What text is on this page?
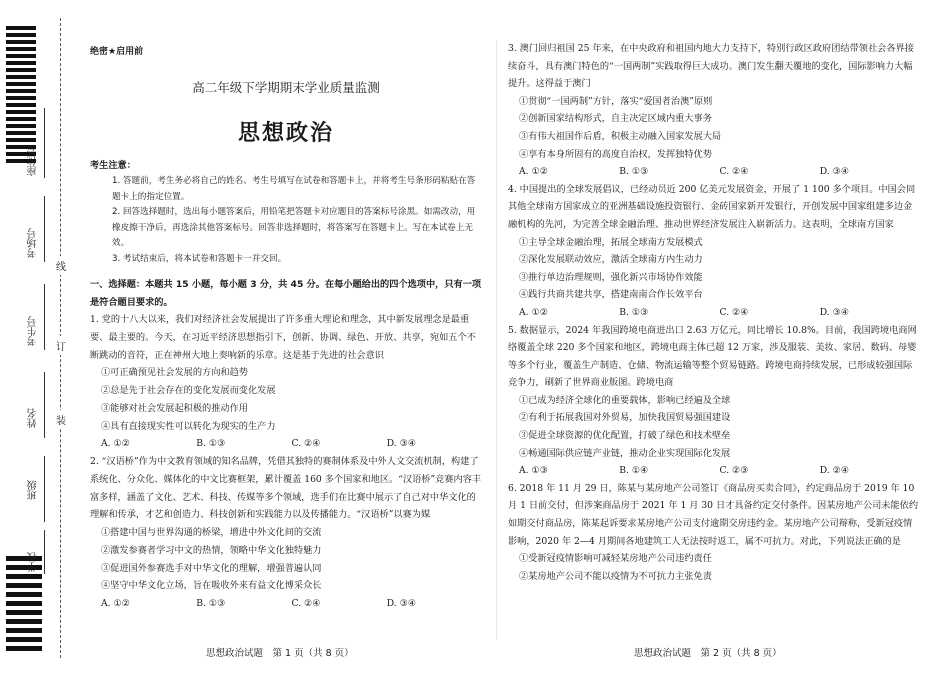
座位号
考场号
考生号
姓名
班级
学校
线
订
装
绝密★启用前
高二年级下学期期末学业质量监测
思想政治
考生注意：

1. 答题前，考生务必将自己的姓名、考生号填写在试卷和答题卡上，并将考生号条形码粘贴在答题卡上的指定位置。

2. 回答选择题时，选出每小题答案后，用铅笔把答题卡对应题目的答案标号涂黑。如需改动，用橡皮擦干净后，再选涂其他答案标号。回答非选择题时，将答案写在答题卡上。写在本试卷上无效。

3. 考试结束后，将本试卷和答题卡一并交回。

一、选择题：本题共 15 小题，每小题 3 分，共 45 分。在每小题给出的四个选项中，只有一项是符合题目要求的。

1. 党的十八大以来，我们对经济社会发展提出了许多重大理论和理念，其中新发展理念是最重要、最主要的。今天，在习近平经济思想指引下，创新、协调、绿色、开放、共享，宛如五个不断跳动的音符，正在神州大地上奏响新的乐章。这是基于先进的社会意识

①可正确预见社会发展的方向和趋势

②总是先于社会存在的变化发展而变化发展

③能够对社会发展起积极的推动作用

④具有直接现实性可以转化为现实的生产力

A. ①②	B. ①③	C. ②④	D. ③④

2. “汉语桥”作为中文教育领域的知名品牌，凭借其独特的赛制体系及中外人文交流机制，构建了系统化、分众化、媒体化的中文比赛框架，累计覆盖 160 多个国家和地区。“汉语桥”竞赛内容丰富多样，涵盖了文化、艺术、科技、传媒等多个领域，选手们在比赛中展示了自己对中华文化的理解和传承，才艺和创造力、科技创新和实践能力以及传播能力。“汉语桥”以赛为媒

①搭建中国与世界沟通的桥梁，增进中外文化间的交流

②激发参赛者学习中文的热情，领略中华文化独特魅力

③促进国外参赛选手对中华文化的理解，增强普遍认同

④坚守中华文化立场，旨在吸收外来有益文化博采众长

A. ①②	B. ①③	C. ②④	D. ③④

3. 澳门回归祖国 25 年来，在中央政府和祖国内地大力支持下，特别行政区政府团结带领社会各界接续奋斗，具有澳门特色的“一国两制”实践取得巨大成功。澳门发生翻天覆地的变化，国际影响力大幅提升。这得益于澳门

①贯彻“一国两制”方针，落实“爱国者治澳”原则

②创新国家结构形式，自主决定区域内重大事务

③有伟大祖国作后盾，积极主动融入国家发展大局

④享有本身所固有的高度自治权，发挥独特优势

A. ①②	B. ①③	C. ②④	D. ③④

4. 中国提出的全球发展倡议，已经动员近 200 亿美元发展资金，开展了 1 100 多个项目。中国会同其他全球南方国家成立的亚洲基础设施投资银行、金砖国家新开发银行，开创发展中国家组建多边金融机构的先河，为完善全球金融治理、推动世界经济发展注入崭新活力。这表明，全球南方国家

①主导全球金融治理，拓展全球南方发展模式

②深化发展联动效应，激活全球南方内生动力

③推行单边治理规则，强化新兴市场协作效能

④践行共商共建共享，搭建南南合作长效平台

A. ①②	B. ①③	C. ②④	D. ③④

5. 数据显示，2024 年我国跨境电商进出口 2.63 万亿元，同比增长 10.8%。目前，我国跨境电商网络覆盖全球 220 多个国家和地区，跨境电商主体已超 12 万家，涉及服装、美妆、家居、数码、母婴等多个行业，覆盖生产制造、仓储、物流运输等整个贸易链路。跨境电商持续发展，已形成较强国际竞争力，刷新了世界商业版图。跨境电商

①已成为经济全球化的重要载体，影响已经遍及全球

②有利于拓展我国对外贸易，加快我国贸易强国建设

③促进全球资源的优化配置，打破了绿色和技术壁垒

④畅通国际供应链产业链，推动企业实现国际化发展

A. ①③	B. ①④	C. ②③	D. ②④

6. 2018 年 11 月 29 日，陈某与某房地产公司签订《商品房买卖合同》，约定商品房于 2019 年 10 月 1 日前交付，但涉案商品房于 2021 年 1 月 30 日才具备约定交付条件。因某房地产公司未能依约如期交付商品房，陈某起诉要求某房地产公司支付逾期交房违约金。某房地产公司辩称，受新冠疫情影响，2020 年 2—4 月期间各地建筑工人无法按时返工，属不可抗力。对此，下列说法正确的是

①受新冠疫情影响可减轻某房地产公司违约责任

②某房地产公司不能以疫情为不可抗力主张免责

思想政治试题　第 1 页（共 8 页）	思想政治试题　第 2 页（共 8 页）
